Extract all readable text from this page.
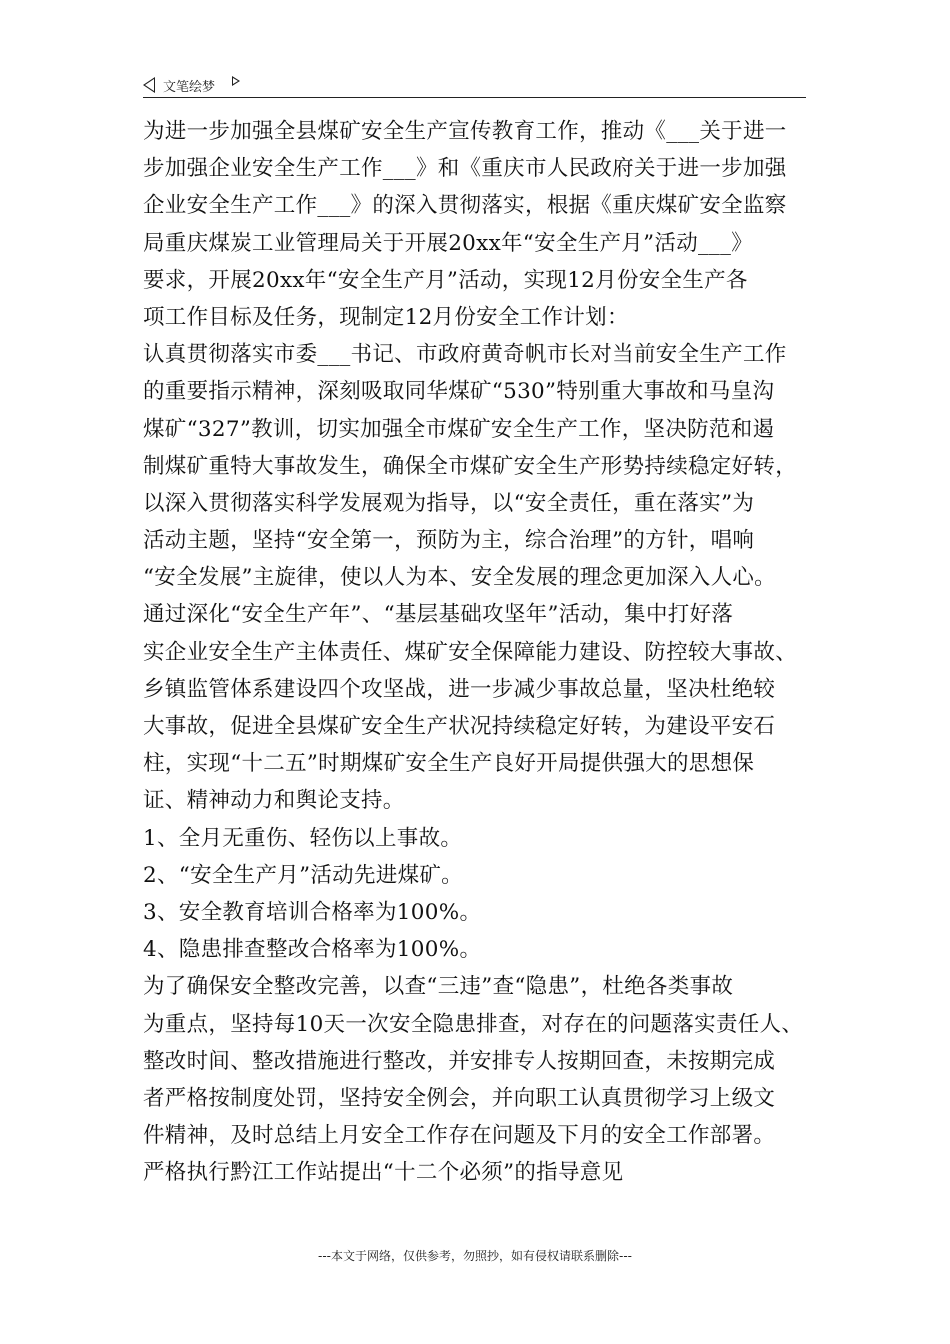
文笔绘梦
为进一步加强全县煤矿安全生产宣传教育工作，推动《___关于进一
步加强企业安全生产工作___》和《重庆市人民政府关于进一步加强
企业安全生产工作___》的深入贯彻落实，根据《重庆煤矿安全监察
局重庆煤炭工业管理局关于开展20xx年“安全生产月”活动___》
要求，开展20xx年“安全生产月”活动，实现12月份安全生产各
项工作目标及任务，现制定12月份安全工作计划：
认真贯彻落实市委___书记、市政府黄奇帆市长对当前安全生产工作
的重要指示精神，深刻吸取同华煤矿“530”特别重大事故和马皇沟
煤矿“327”教训，切实加强全市煤矿安全生产工作，坚决防范和遏
制煤矿重特大事故发生，确保全市煤矿安全生产形势持续稳定好转，
以深入贯彻落实科学发展观为指导，以“安全责任，重在落实”为
活动主题，坚持“安全第一，预防为主，综合治理”的方针，唱响
“安全发展”主旋律，使以人为本、安全发展的理念更加深入人心。
通过深化“安全生产年”、“基层基础攻坚年”活动，集中打好落
实企业安全生产主体责任、煤矿安全保障能力建设、防控较大事故、
乡镇监管体系建设四个攻坚战，进一步减少事故总量，坚决杜绝较
大事故，促进全县煤矿安全生产状况持续稳定好转，为建设平安石
柱，实现“十二五”时期煤矿安全生产良好开局提供强大的思想保
证、精神动力和舆论支持。
1、全月无重伤、轻伤以上事故。
2、“安全生产月”活动先进煤矿。
3、安全教育培训合格率为100%。
4、隐患排查整改合格率为100%。
为了确保安全整改完善，以查“三违”查“隐患”，杜绝各类事故
为重点，坚持每10天一次安全隐患排查，对存在的问题落实责任人、
整改时间、整改措施进行整改，并安排专人按期回查，未按期完成
者严格按制度处罚，坚持安全例会，并向职工认真贯彻学习上级文
件精神，及时总结上月安全工作存在问题及下月的安全工作部署。
严格执行黔江工作站提出“十二个必须”的指导意见
---本文于网络，仅供参考，勿照抄，如有侵权请联系删除---
